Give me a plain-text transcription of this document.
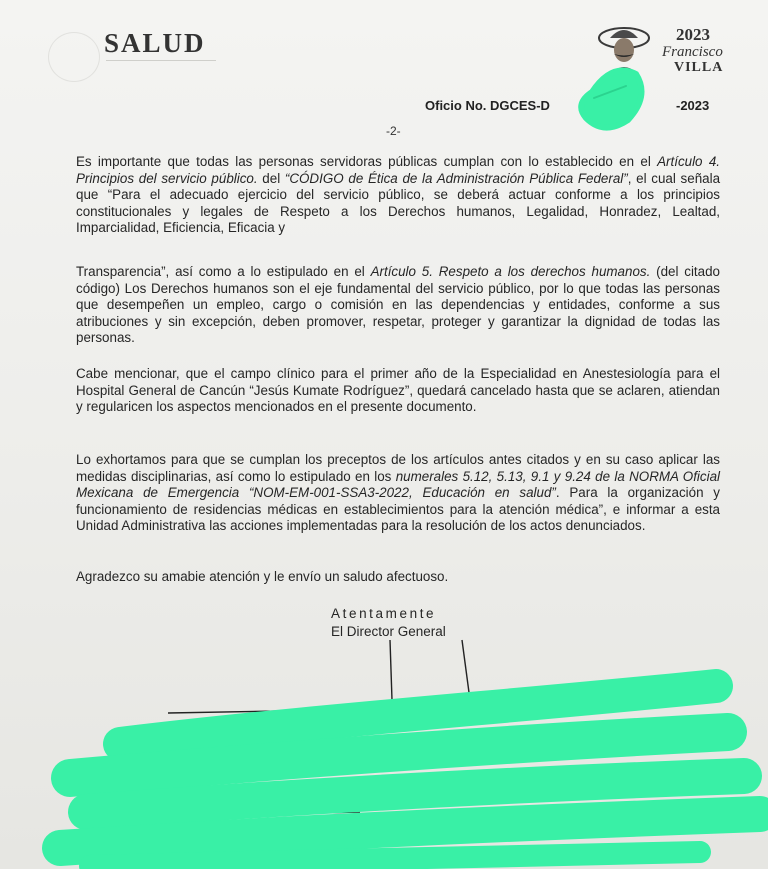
SALUD	2023
Francisco
VILLA
Oficio No. DGCES-D	-2023
-2-

Es importante que todas las personas servidoras públicas cumplan con lo establecido en el Artículo 4. Principios del servicio público. del “CÓDIGO de Ética de la Administración Pública Federal”, el cual señala que “Para el adecuado ejercicio del servicio público, se deberá actuar conforme a los principios constitucionales y legales de Respeto a los Derechos humanos, Legalidad, Honradez, Lealtad, Imparcialidad, Eficiencia, Eficacia y

Transparencia”, así como a lo estipulado en el Artículo 5. Respeto a los derechos humanos. (del citado código) Los Derechos humanos son el eje fundamental del servicio público, por lo que todas las personas que desempeñen un empleo, cargo o comisión en las dependencias y entidades, conforme a sus atribuciones y sin excepción, deben promover, respetar, proteger y garantizar la dignidad de todas las personas.

Cabe mencionar, que el campo clínico para el primer año de la Especialidad en Anestesiología para el Hospital General de Cancún “Jesús Kumate Rodríguez”, quedará cancelado hasta que se aclaren, atiendan y regularicen los aspectos mencionados en el presente documento.

Lo exhortamos para que se cumplan los preceptos de los artículos antes citados y en su caso aplicar las medidas disciplinarias, así como lo estipulado en los numerales 5.12, 5.13, 9.1 y 9.24 de la NORMA Oficial Mexicana de Emergencia “NOM-EM-001-SSA3-2022, Educación en salud”. Para la organización y funcionamiento de residencias médicas en establecimientos para la atención médica”, e informar a esta Unidad Administrativa las acciones implementadas para la resolución de los actos denunciados.

Agradezco su amabie atención y le envío un saludo afectuoso.
Atentamente
El Director General
Revisó y Val
Lic. Mar
